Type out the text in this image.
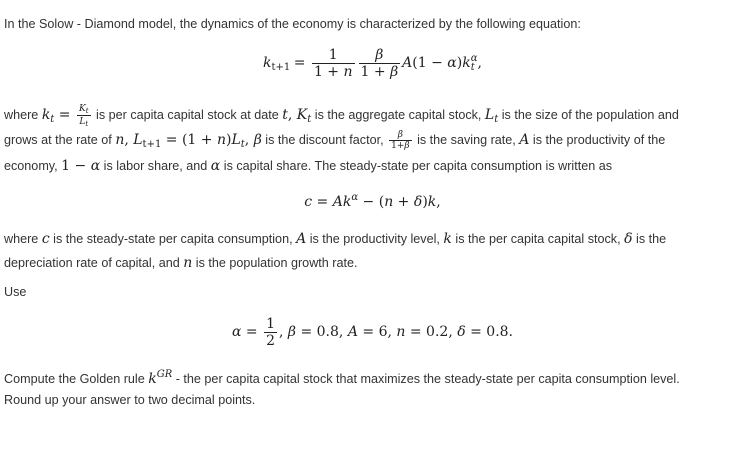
In the Solow - Diamond model, the dynamics of the economy is characterized by the following equation:
$k_{t+1} = \frac{1}{1 + n} \frac{\beta}{1 + \beta} A(1 - \alpha)k_t^\alpha$,
where $k_t = \frac{K_t}{L_t}$ is per capita capital stock at date t, $K_t$ is the aggregate capital stock, $L_t$ is the size of the population and
grows at the rate of n, $L_{t+1} = (1 + n)L_t$, β is the discount factor, $\frac{\beta}{1+\beta}$ is the saving rate, A is the productivity of the
economy, 1 − α is labor share, and α is capital share. The steady-state per capita consumption is written as
$c = Ak^\alpha - (n + \delta)k$,
where c is the steady-state per capita consumption, A is the productivity level, k is the per capita capital stock, δ is the
depreciation rate of capital, and n is the population growth rate.
Use
$\alpha = \frac{1}{2}$ , β = 0.8, A = 6, n = 0.2, δ = 0.8.
Compute the Golden rule $k^{GR}$ - the per capita capital stock that maximizes the steady-state per capita consumption level.
Round up your answer to two decimal points.
